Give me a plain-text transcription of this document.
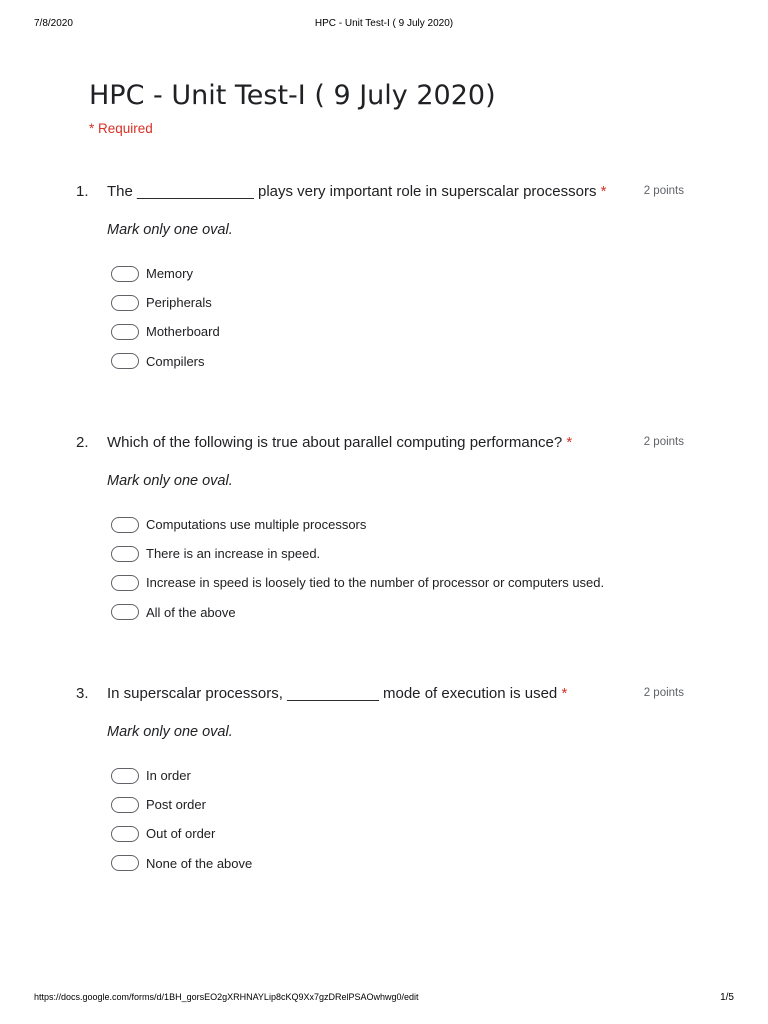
7/8/2020	HPC - Unit Test-I ( 9 July 2020)
HPC - Unit Test-I ( 9 July 2020)
* Required
1. The ______________ plays very important role in superscalar processors *	2 points
Mark only one oval.
Memory
Peripherals
Motherboard
Compilers
2. Which of the following is true about parallel computing performance? *	2 points
Mark only one oval.
Computations use multiple processors
There is an increase in speed.
Increase in speed is loosely tied to the number of processor or computers used.
All of the above
3. In superscalar processors, ___________ mode of execution is used *	2 points
Mark only one oval.
In order
Post order
Out of order
None of the above
https://docs.google.com/forms/d/1BH_gorsEO2gXRHNAYLip8cKQ9Xx7gzDRelPSAOwhwg0/edit	1/5
